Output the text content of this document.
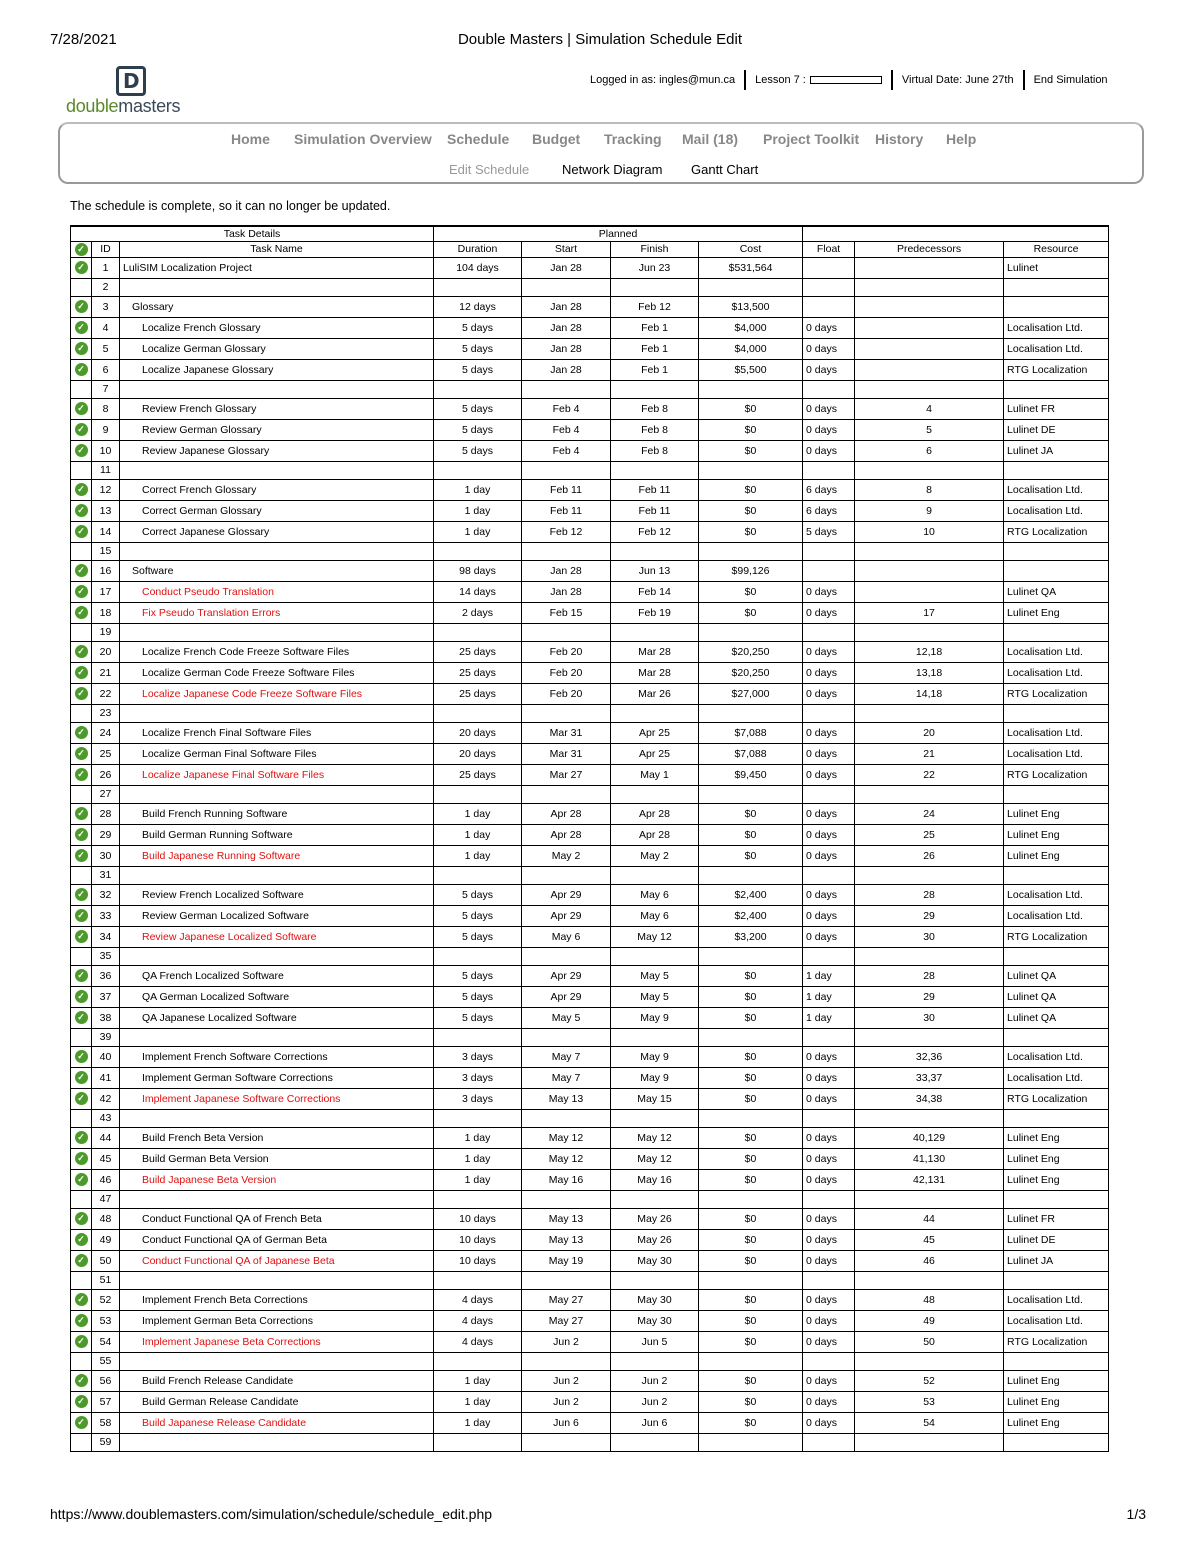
7/28/2021	Double Masters | Simulation Schedule Edit
D
doublemasters
Logged in as: ingles@mun.ca Lesson 7 :	Virtual Date: June 27th End Simulation
Home Simulation Overview Schedule Budget Tracking Mail (18) Project Toolkit History Help
Edit Schedule	Network Diagram Gantt Chart
The schedule is complete, so it can no longer be updated.
Task Details			Planned						
✓	ID	Task Name	Duration	Start	Finish	Cost	Float	Predecessors	Resource
✓	1	LuliSIM Localization Project	104 days	Jan 28	Jun 23	$531,564			Lulinet
	2								
✓	3	Glossary	12 days	Jan 28	Feb 12	$13,500			
✓	4	Localize French Glossary	5 days	Jan 28	Feb 1	$4,000	0 days		Localisation Ltd.
✓	5	Localize German Glossary	5 days	Jan 28	Feb 1	$4,000	0 days		Localisation Ltd.
✓	6	Localize Japanese Glossary	5 days	Jan 28	Feb 1	$5,500	0 days		RTG Localization
	7								
✓	8	Review French Glossary	5 days	Feb 4	Feb 8	$0	0 days	4	Lulinet FR
✓	9	Review German Glossary	5 days	Feb 4	Feb 8	$0	0 days	5	Lulinet DE
✓	10	Review Japanese Glossary	5 days	Feb 4	Feb 8	$0	0 days	6	Lulinet JA
	11								
✓	12	Correct French Glossary	1 day	Feb 11	Feb 11	$0	6 days	8	Localisation Ltd.
✓	13	Correct German Glossary	1 day	Feb 11	Feb 11	$0	6 days	9	Localisation Ltd.
✓	14	Correct Japanese Glossary	1 day	Feb 12	Feb 12	$0	5 days	10	RTG Localization
	15								
✓	16	Software	98 days	Jan 28	Jun 13	$99,126			
✓	17	Conduct Pseudo Translation	14 days	Jan 28	Feb 14	$0	0 days		Lulinet QA
✓	18	Fix Pseudo Translation Errors	2 days	Feb 15	Feb 19	$0	0 days	17	Lulinet Eng
	19								
✓	20	Localize French Code Freeze Software Files	25 days	Feb 20	Mar 28	$20,250	0 days	12,18	Localisation Ltd.
✓	21	Localize German Code Freeze Software Files	25 days	Feb 20	Mar 28	$20,250	0 days	13,18	Localisation Ltd.
✓	22	Localize Japanese Code Freeze Software Files	25 days	Feb 20	Mar 26	$27,000	0 days	14,18	RTG Localization
	23								
✓	24	Localize French Final Software Files	20 days	Mar 31	Apr 25	$7,088	0 days	20	Localisation Ltd.
✓	25	Localize German Final Software Files	20 days	Mar 31	Apr 25	$7,088	0 days	21	Localisation Ltd.
✓	26	Localize Japanese Final Software Files	25 days	Mar 27	May 1	$9,450	0 days	22	RTG Localization
	27								
✓	28	Build French Running Software	1 day	Apr 28	Apr 28	$0	0 days	24	Lulinet Eng
✓	29	Build German Running Software	1 day	Apr 28	Apr 28	$0	0 days	25	Lulinet Eng
✓	30	Build Japanese Running Software	1 day	May 2	May 2	$0	0 days	26	Lulinet Eng
	31								
✓	32	Review French Localized Software	5 days	Apr 29	May 6	$2,400	0 days	28	Localisation Ltd.
✓	33	Review German Localized Software	5 days	Apr 29	May 6	$2,400	0 days	29	Localisation Ltd.
✓	34	Review Japanese Localized Software	5 days	May 6	May 12	$3,200	0 days	30	RTG Localization
	35								
✓	36	QA French Localized Software	5 days	Apr 29	May 5	$0	1 day	28	Lulinet QA
✓	37	QA German Localized Software	5 days	Apr 29	May 5	$0	1 day	29	Lulinet QA
✓	38	QA Japanese Localized Software	5 days	May 5	May 9	$0	1 day	30	Lulinet QA
	39								
✓	40	Implement French Software Corrections	3 days	May 7	May 9	$0	0 days	32,36	Localisation Ltd.
✓	41	Implement German Software Corrections	3 days	May 7	May 9	$0	0 days	33,37	Localisation Ltd.
✓	42	Implement Japanese Software Corrections	3 days	May 13	May 15	$0	0 days	34,38	RTG Localization
	43								
✓	44	Build French Beta Version	1 day	May 12	May 12	$0	0 days	40,129	Lulinet Eng
✓	45	Build German Beta Version	1 day	May 12	May 12	$0	0 days	41,130	Lulinet Eng
✓	46	Build Japanese Beta Version	1 day	May 16	May 16	$0	0 days	42,131	Lulinet Eng
	47								
✓	48	Conduct Functional QA of French Beta	10 days	May 13	May 26	$0	0 days	44	Lulinet FR
✓	49	Conduct Functional QA of German Beta	10 days	May 13	May 26	$0	0 days	45	Lulinet DE
✓	50	Conduct Functional QA of Japanese Beta	10 days	May 19	May 30	$0	0 days	46	Lulinet JA
	51								
✓	52	Implement French Beta Corrections	4 days	May 27	May 30	$0	0 days	48	Localisation Ltd.
✓	53	Implement German Beta Corrections	4 days	May 27	May 30	$0	0 days	49	Localisation Ltd.
✓	54	Implement Japanese Beta Corrections	4 days	Jun 2	Jun 5	$0	0 days	50	RTG Localization
	55								
✓	56	Build French Release Candidate	1 day	Jun 2	Jun 2	$0	0 days	52	Lulinet Eng
✓	57	Build German Release Candidate	1 day	Jun 2	Jun 2	$0	0 days	53	Lulinet Eng
✓	58	Build Japanese Release Candidate	1 day	Jun 6	Jun 6	$0	0 days	54	Lulinet Eng
	59								
https://www.doublemasters.com/simulation/schedule/schedule_edit.php	1/3
